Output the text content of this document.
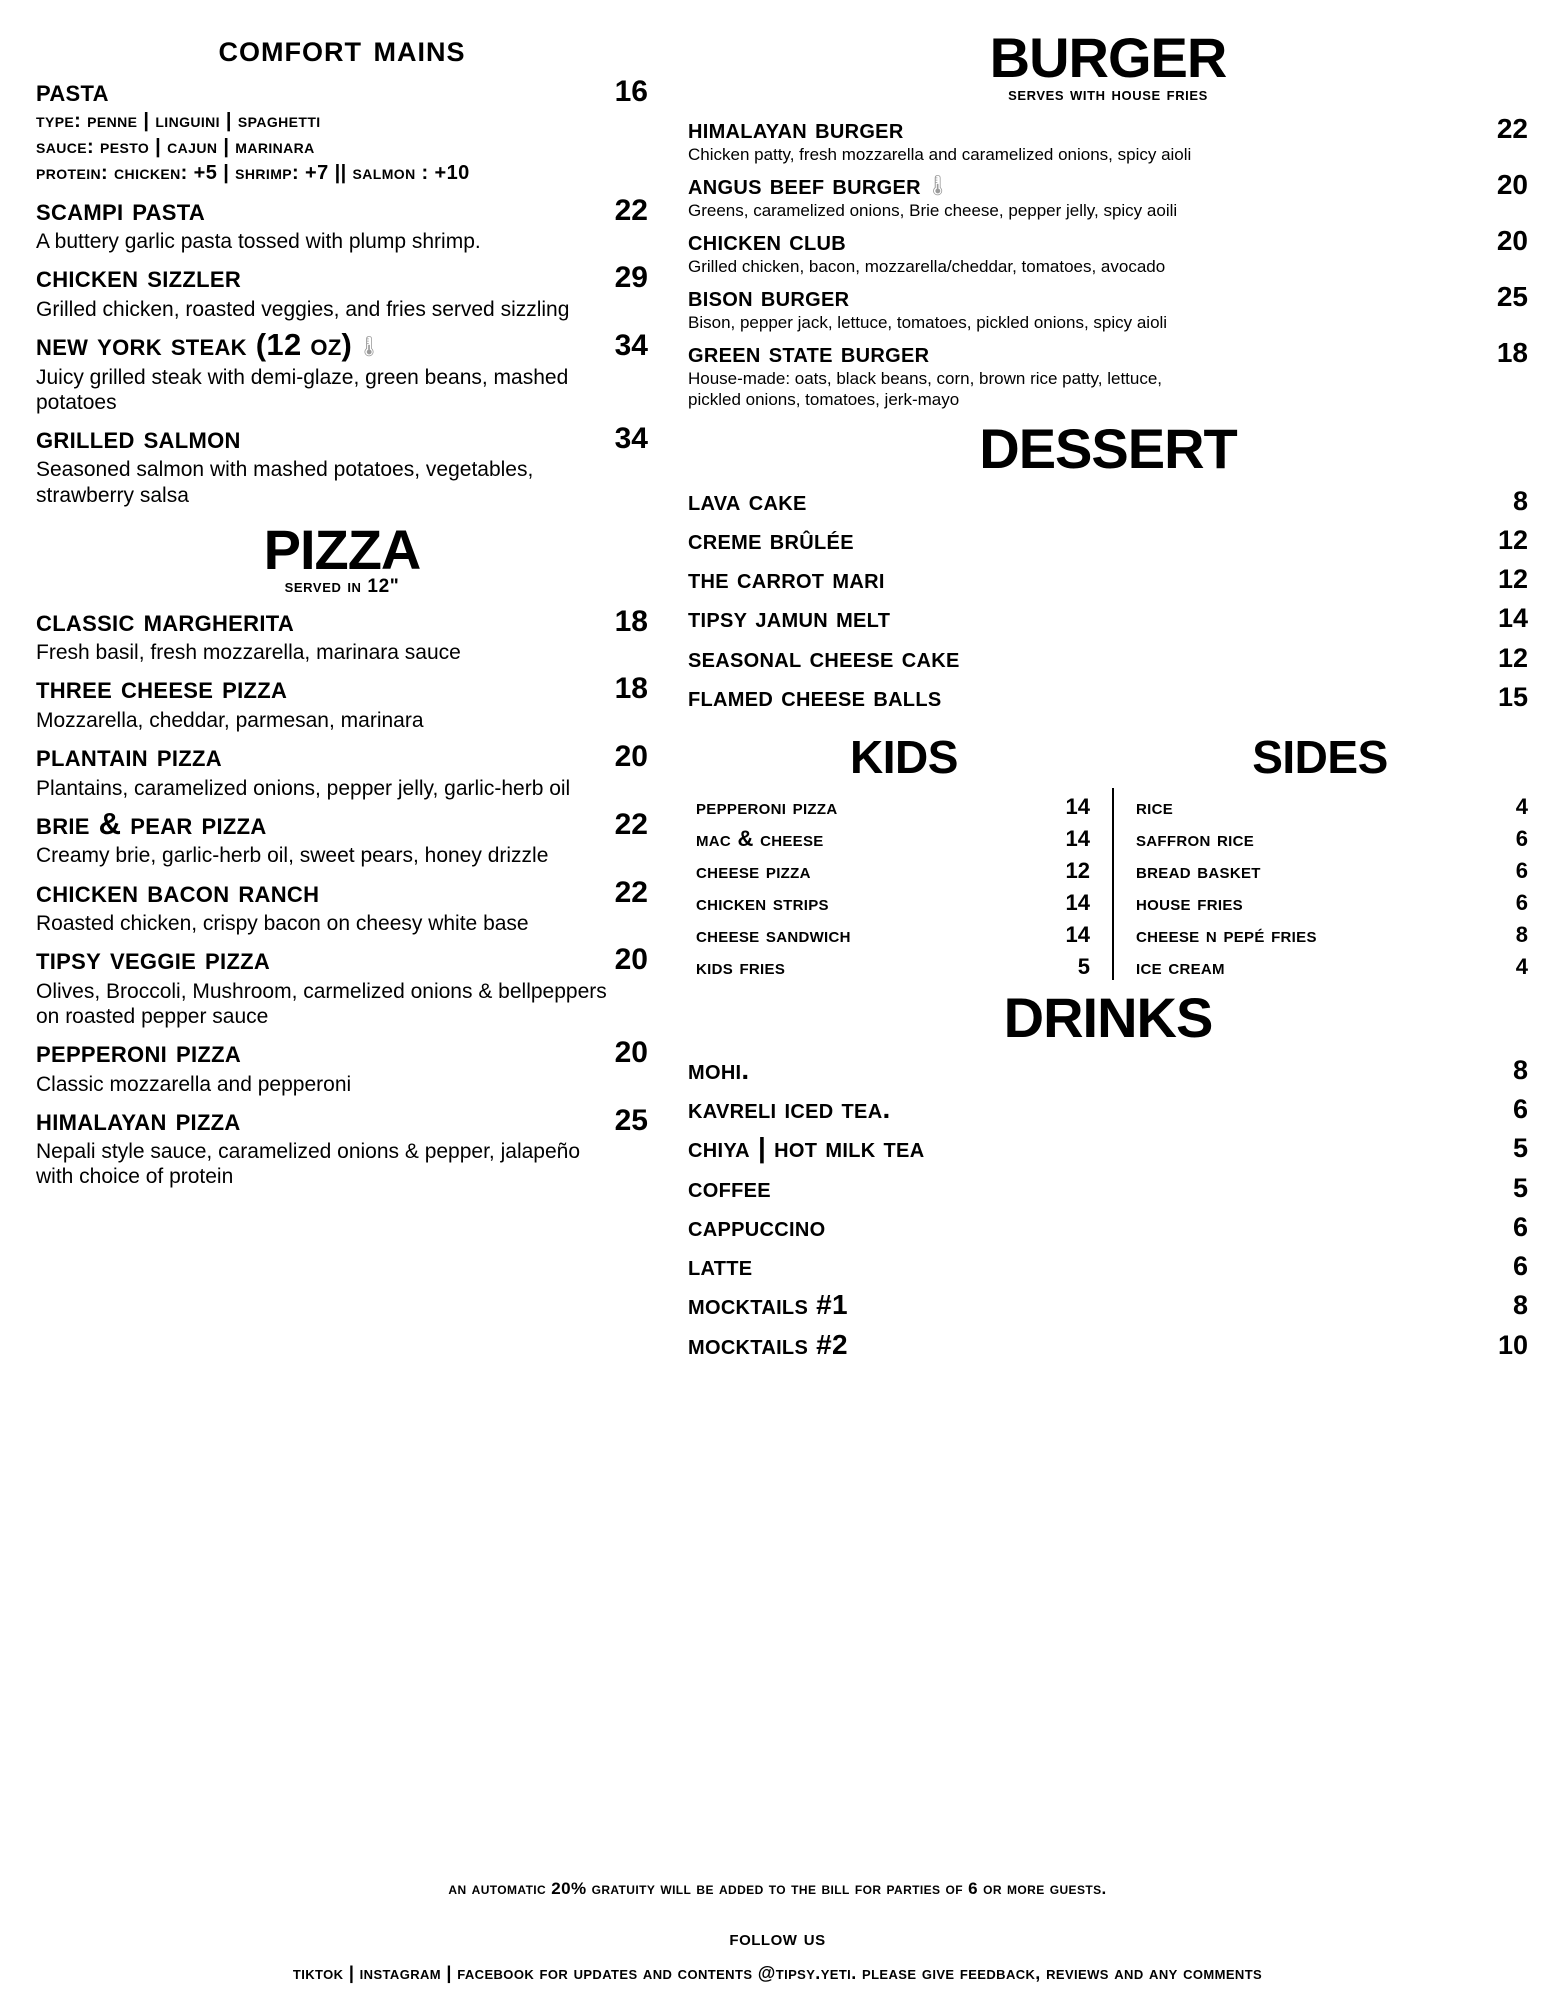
comfort mains
pasta	16
type: penne | linguini | spaghetti
sauce: pesto | cajun | marinara
protein: chicken: +5 | shrimp: +7 || salmon : +10
scampi pasta	22
A buttery garlic pasta tossed with plump shrimp.
chicken sizzler	29
Grilled chicken, roasted veggies, and fries served sizzling
new york steak (12 oz) 🌡	34
Juicy grilled steak with demi-glaze, green beans, mashed potatoes
grilled salmon	34
Seasoned salmon with mashed potatoes, vegetables, strawberry salsa
PIZZA
served in 12"
classic margherita	18
Fresh basil, fresh mozzarella, marinara sauce
three cheese pizza	18
Mozzarella, cheddar, parmesan, marinara
plantain pizza	20
Plantains, caramelized onions, pepper jelly, garlic-herb oil
brie & pear pizza	22
Creamy brie, garlic-herb oil, sweet pears, honey drizzle
chicken bacon ranch	22
Roasted chicken, crispy bacon on cheesy white base
tipsy veggie pizza	20
Olives, Broccoli, Mushroom, carmelized onions & bellpeppers on roasted pepper sauce
pepperoni pizza	20
Classic mozzarella and pepperoni
himalayan pizza	25
Nepali style sauce, caramelized onions & pepper, jalapeño with choice of protein
BURGER
serves with house fries
himalayan burger	22
Chicken patty, fresh mozzarella and caramelized onions, spicy aioli
angus beef burger 🌡	20
Greens, caramelized onions, Brie cheese, pepper jelly, spicy aoili
chicken club	20
Grilled chicken, bacon, mozzarella/cheddar, tomatoes, avocado
bison burger	25
Bison, pepper jack, lettuce, tomatoes, pickled onions, spicy aioli
green state burger	18
House-made: oats, black beans, corn, brown rice patty, lettuce, pickled onions, tomatoes, jerk-mayo
DESSERT
lava cake	8
creme brûlée	12
the carrot mari	12
tipsy jamun melt	14
seasonal cheese cake	12
flamed cheese balls	15
KIDS	SIDES
pepperoni pizza	14
mac & cheese	14
cheese pizza	12
chicken strips	14
cheese sandwich	14
kids fries	5
rice	4
saffron rice	6
bread basket	6
house fries	6
cheese n pepé fries	8
ice cream	4
DRINKS
mohi.	8
kavreli iced tea.	6
chiya | hot milk tea	5
coffee	5
cappuccino	6
latte	6
mocktails #1	8
mocktails #2	10
an automatic 20% gratuity will be added to the bill for parties of 6 or more guests.
follow us
tiktok | instagram | facebook for updates and contents @tipsy.yeti. please give feedback, reviews and any comments
